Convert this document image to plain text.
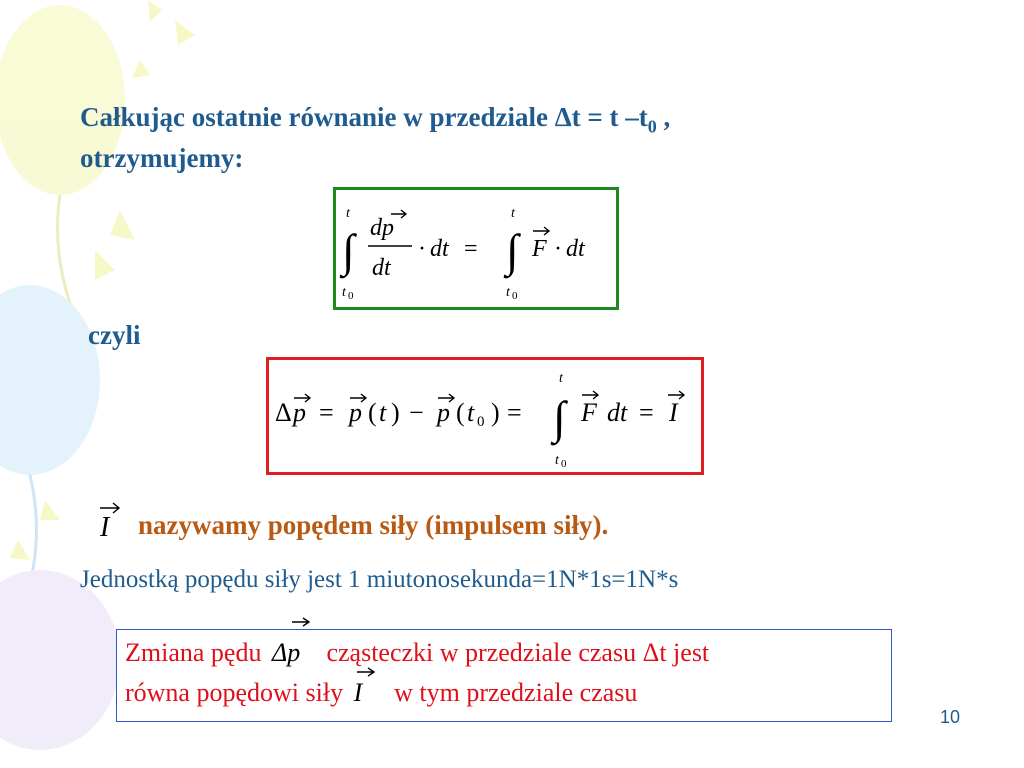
Całkując ostatnie równanie w przedziale Δt = t $-t_0$ ,
otrzymujemy:
t
∫
t 0
dp
dt
· dt =
t
∫
t 0
F · dt
czyli
Δ p = p ( t ) − p ( t 0 ) =
t
∫
t 0
F dt = I
I nazywamy popędem siły (impulsem siły).
Jednostką popędu siły jest 1 miutonosekunda=1N*1s=1N*s
Zmiana pędu Δp cząsteczki w przedziale czasu Δt jest
równa popędowi siły I w tym przedziale czasu
10
